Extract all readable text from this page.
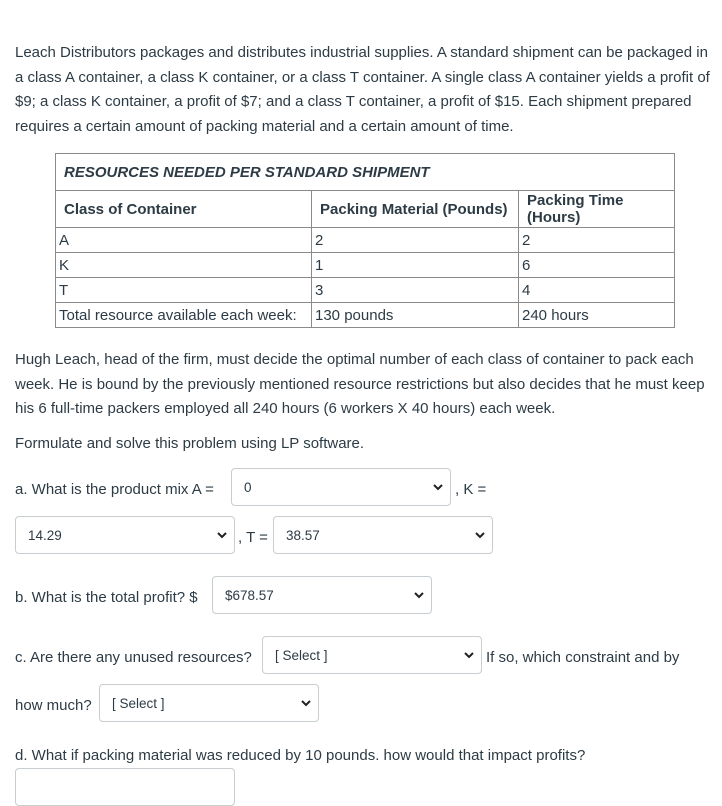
Leach Distributors packages and distributes industrial supplies. A standard shipment can be packaged in a class A container, a class K container, or a class T container. A single class A container yields a profit of $9; a class K container, a profit of $7; and a class T container, a profit of $15. Each shipment prepared requires a certain amount of packing material and a certain amount of time.

RESOURCES NEEDED PER STANDARD SHIPMENT		
Class of Container	Packing Material (Pounds)	Packing Time (Hours)
A	2	2
K	1	6
T	3	4
Total resource available each week:	130 pounds	240 hours

Hugh Leach, head of the firm, must decide the optimal number of each class of container to pack each week. He is bound by the previously mentioned resource restrictions but also decides that he must keep his 6 full-time packers employed all 240 hours (6 workers X 40 hours) each week.

Formulate and solve this problem using LP software.

a. What is the product mix A = 0	, K =
14.29	, T = 38.57
b. What is the total profit? $ $678.57
c. Are there any unused resources? [ Select ]	If so, which constraint and by
how much? [ Select ]
d. What if packing material was reduced by 10 pounds. how would that impact profits?
